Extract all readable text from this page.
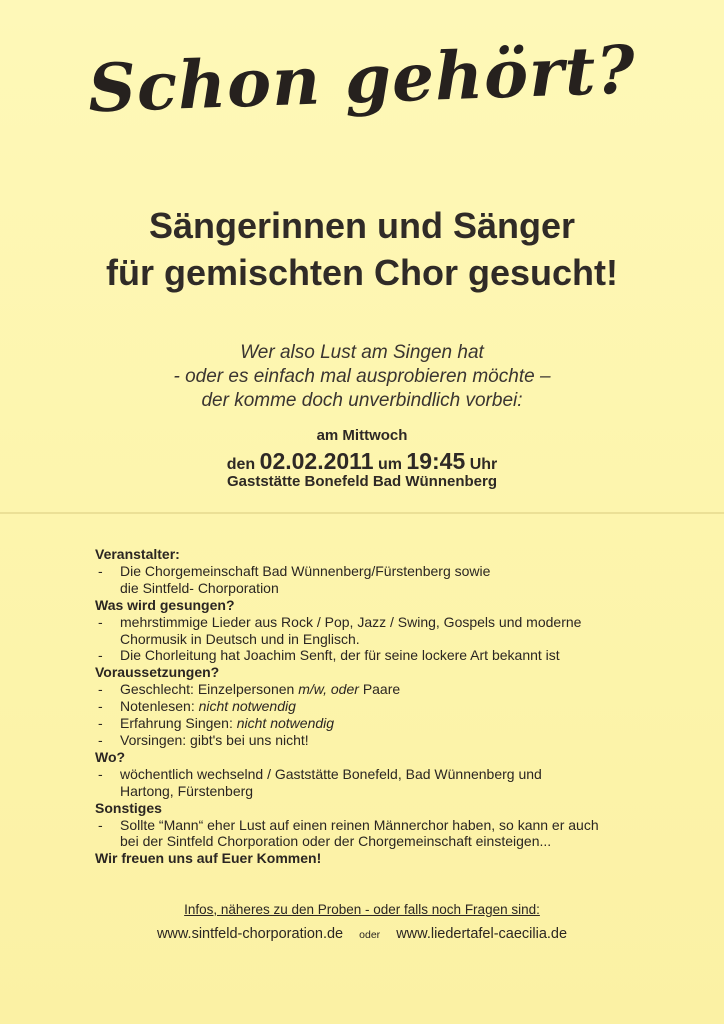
Schon gehört?
Sängerinnen und Sänger
für gemischten Chor gesucht!
Wer also Lust am Singen hat
- oder es einfach mal ausprobieren möchte –
der komme doch unverbindlich vorbei:
am Mittwoch
den 02.02.2011 um 19:45 Uhr
Gaststätte Bonefeld Bad Wünnenberg
Veranstalter:
- Die Chorgemeinschaft Bad Wünnenberg/Fürstenberg sowie
die Sintfeld- Chorporation
Was wird gesungen?
- mehrstimmige Lieder aus Rock / Pop, Jazz / Swing, Gospels und moderne
Chormusik in Deutsch und in Englisch.
- Die Chorleitung hat Joachim Senft, der für seine lockere Art bekannt ist
Voraussetzungen?
- Geschlecht: Einzelpersonen m/w, oder Paare
- Notenlesen: nicht notwendig
- Erfahrung Singen: nicht notwendig
- Vorsingen: gibt's bei uns nicht!
Wo?
- wöchentlich wechselnd / Gaststätte Bonefeld, Bad Wünnenberg und
Hartong, Fürstenberg
Sonstiges
- Sollte “Mann“ eher Lust auf einen reinen Männerchor haben, so kann er auch
bei der Sintfeld Chorporation oder der Chorgemeinschaft einsteigen...
Wir freuen uns auf Euer Kommen!
Infos, näheres zu den Proben - oder falls noch Fragen sind:
www.sintfeld-chorporation.de oder www.liedertafel-caecilia.de
